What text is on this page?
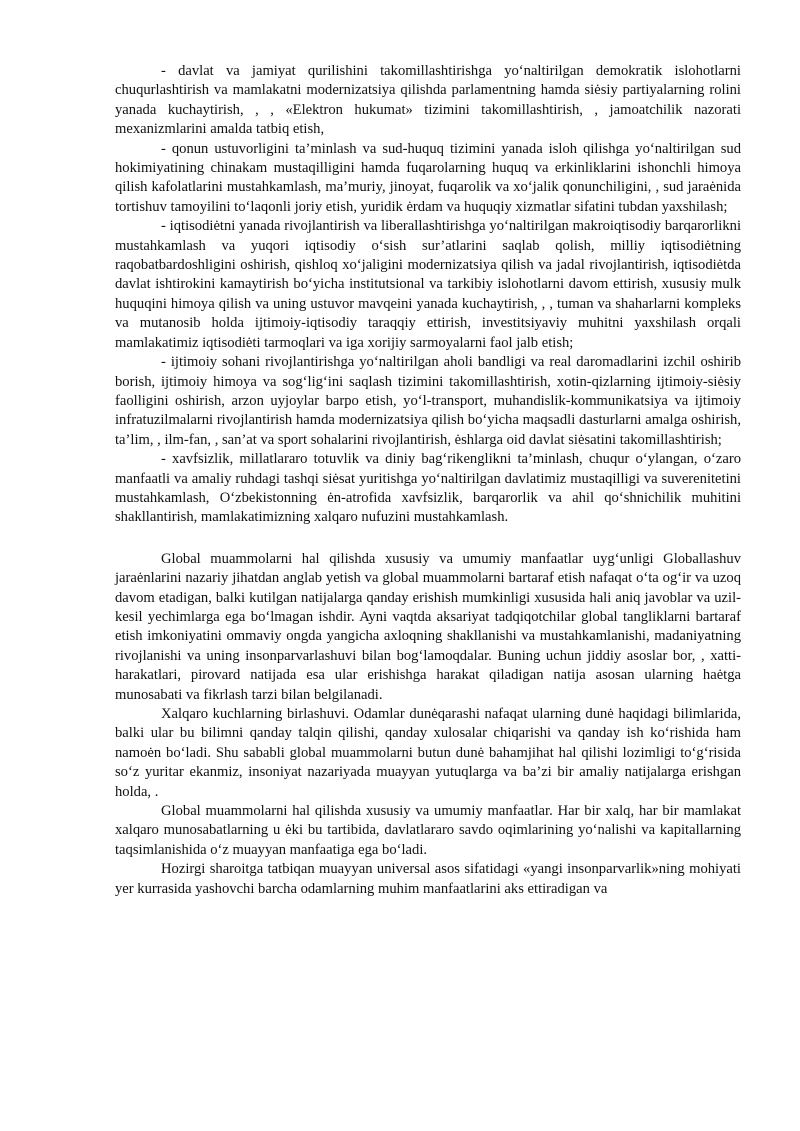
- davlat va jamiyat qurilishini takomillashtirishga yo‘naltirilgan demokratik islohotlarni chuqurlashtirish va mamlakatni modernizatsiya qilishda parlamentning hamda siėsiy partiyalarning rolini yanada kuchaytirish, , , «Elektron hukumat» tizimini takomillashtirish, , jamoatchilik nazorati mexanizmlarini amalda tatbiq etish,

- qonun ustuvorligini ta’minlash va sud-huquq tizimini yanada isloh qilishga yo‘naltirilgan sud hokimiyatining chinakam mustaqilligini hamda fuqarolarning huquq va erkinliklarini ishonchli himoya qilish kafolatlarini mustahkamlash, ma’muriy, jinoyat, fuqarolik va xo‘jalik qonunchiligini, , sud jaraėnida tortishuv tamoyilini to‘laqonli joriy etish, yuridik ėrdam va huquqiy xizmatlar sifatini tubdan yaxshilash;

- iqtisodiėtni yanada rivojlantirish va liberallashtirishga yo‘naltirilgan makroiqtisodiy barqarorlikni mustahkamlash va yuqori iqtisodiy o‘sish sur’atlarini saqlab qolish, milliy iqtisodiėtning raqobatbardoshligini oshirish, qishloq xo‘jaligini modernizatsiya qilish va jadal rivojlantirish, iqtisodiėtda davlat ishtirokini kamaytirish bo‘yicha institutsional va tarkibiy islohotlarni davom ettirish, xususiy mulk huquqini himoya qilish va uning ustuvor mavqeini yanada kuchaytirish, , , tuman va shaharlarni kompleks va mutanosib holda ijtimoiy-iqtisodiy taraqqiy ettirish, investitsiyaviy muhitni yaxshilash orqali mamlakatimiz iqtisodiėti tarmoqlari va iga xorijiy sarmoyalarni faol jalb etish;

- ijtimoiy sohani rivojlantirishga yo‘naltirilgan aholi bandligi va real daromadlarini izchil oshirib borish, ijtimoiy himoya va sog‘lig‘ini saqlash tizimini takomillashtirish, xotin-qizlarning ijtimoiy-siėsiy faolligini oshirish, arzon uyjoylar barpo etish, yo‘l-transport, muhandislik-kommunikatsiya va ijtimoiy infratuzilmalarni rivojlantirish hamda modernizatsiya qilish bo‘yicha maqsadli dasturlarni amalga oshirish, ta’lim, , ilm-fan, , san’at va sport sohalarini rivojlantirish, ėshlarga oid davlat siėsatini takomillashtirish;

- xavfsizlik, millatlararo totuvlik va diniy bag‘rikenglikni ta’minlash, chuqur o‘ylangan, o‘zaro manfaatli va amaliy ruhdagi tashqi siėsat yuritishga yo‘naltirilgan davlatimiz mustaqilligi va suverenitetini mustahkamlash, O‘zbekistonning ėn-atrofida xavfsizlik, barqarorlik va ahil qo‘shnichilik muhitini shakllantirish, mamlakatimizning xalqaro nufuzini mustahkamlash.

Global muammolarni hal qilishda xususiy va umumiy manfaatlar uyg‘unligi Globallashuv jaraėnlarini nazariy jihatdan anglab yetish va global muammolarni bartaraf etish nafaqat o‘ta og‘ir va uzoq davom etadigan, balki kutilgan natijalarga qanday erishish mumkinligi xususida hali aniq javoblar va uzil-kesil yechimlarga ega bo‘lmagan ishdir. Ayni vaqtda aksariyat tadqiqotchilar global tangliklarni bartaraf etish imkoniyatini ommaviy ongda yangicha axloqning shakllanishi va mustahkamlanishi, madaniyatning rivojlanishi va uning insonparvarlashuvi bilan bog‘lamoqdalar. Buning uchun jiddiy asoslar bor, , xatti-harakatlari, pirovard natijada esa ular erishishga harakat qiladigan natija asosan ularning haėtga munosabati va fikrlash tarzi bilan belgilanadi.

Xalqaro kuchlarning birlashuvi. Odamlar dunėqarashi nafaqat ularning dunė haqidagi bilimlarida, balki ular bu bilimni qanday talqin qilishi, qanday xulosalar chiqarishi va qanday ish ko‘rishida ham namoėn bo‘ladi. Shu sababli global muammolarni butun dunė bahamjihat hal qilishi lozimligi to‘g‘risida so‘z yuritar ekanmiz, insoniyat nazariyada muayyan yutuqlarga va ba’zi bir amaliy natijalarga erishgan holda, .

Global muammolarni hal qilishda xususiy va umumiy manfaatlar. Har bir xalq, har bir mamlakat xalqaro munosabatlarning u ėki bu tartibida, davlatlararo savdo oqimlarining yo‘nalishi va kapitallarning taqsimlanishida o‘z muayyan manfaatiga ega bo‘ladi.

Hozirgi sharoitga tatbiqan muayyan universal asos sifatidagi «yangi insonparvarlik»ning mohiyati yer kurrasida yashovchi barcha odamlarning muhim manfaatlarini aks ettiradigan va
